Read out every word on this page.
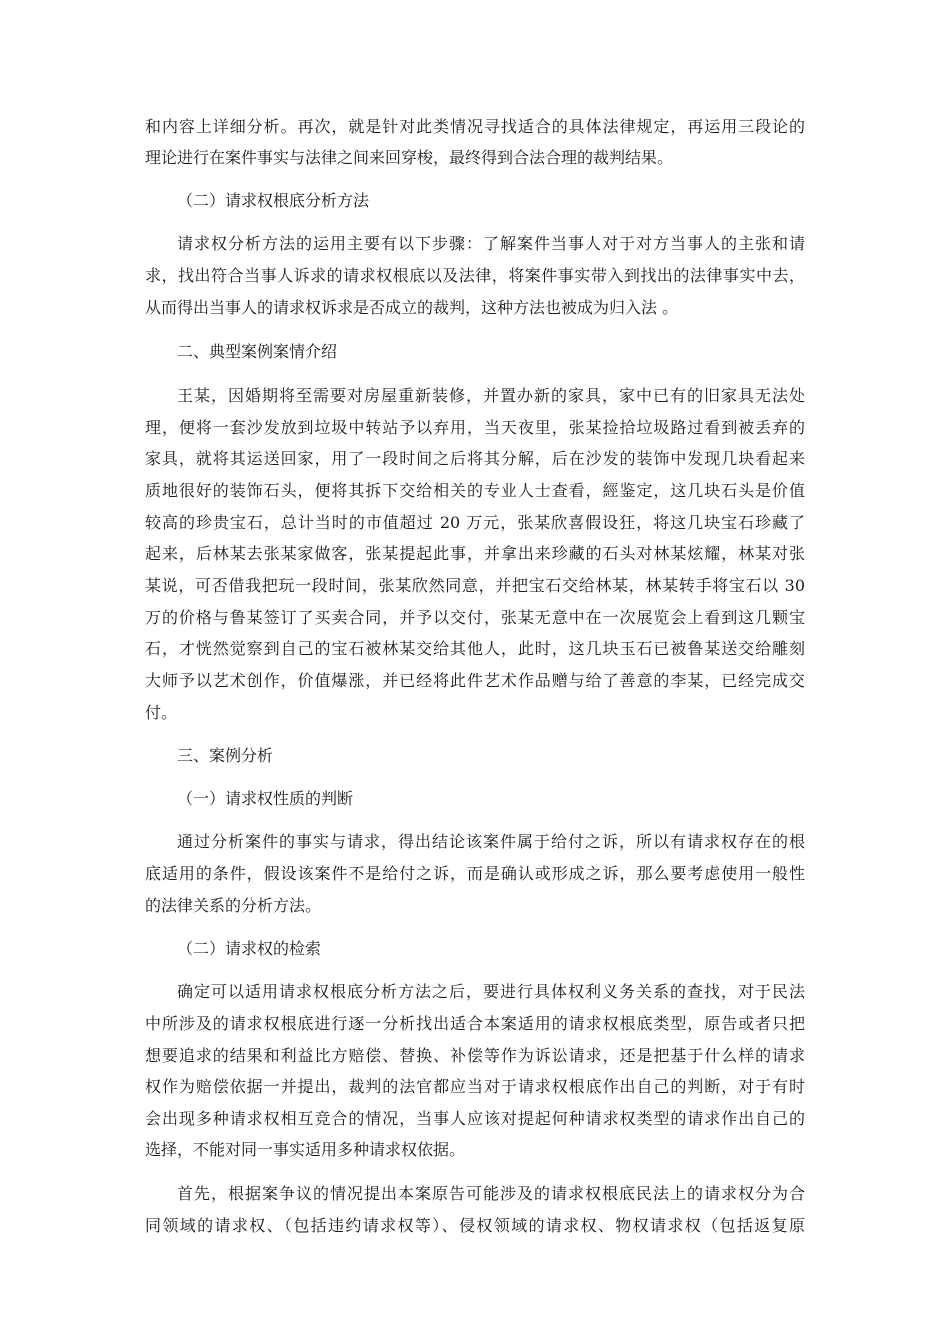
和内容上详细分析。再次，就是针对此类情况寻找适合的具体法律规定，再运用三段论的
理论进行在案件事实与法律之间来回穿梭，最终得到合法合理的裁判结果。
（二）请求权根底分析方法
请求权分析方法的运用主要有以下步骤：了解案件当事人对于对方当事人的主张和请
求，找出符合当事人诉求的请求权根底以及法律，将案件事实带入到找出的法律事实中去，
从而得出当事人的请求权诉求是否成立的裁判，这种方法也被成为归入法 。
二、典型案例案情介绍
王某，因婚期将至需要对房屋重新装修，并置办新的家具，家中已有的旧家具无法处
理，便将一套沙发放到垃圾中转站予以弃用，当天夜里，张某捡拾垃圾路过看到被丢弃的
家具，就将其运送回家，用了一段时间之后将其分解，后在沙发的装饰中发现几块看起来
质地很好的装饰石头，便将其拆下交给相关的专业人士查看，經鉴定，这几块石头是价值
较高的珍贵宝石，总计当时的市值超过 20 万元，张某欣喜假设狂，将这几块宝石珍藏了
起来，后林某去张某家做客，张某提起此事，并拿出来珍藏的石头对林某炫耀，林某对张
某说，可否借我把玩一段时间，张某欣然同意，并把宝石交给林某，林某转手将宝石以 30
万的价格与鲁某签订了买卖合同，并予以交付，张某无意中在一次展览会上看到这几颗宝
石，才恍然觉察到自己的宝石被林某交给其他人，此时，这几块玉石已被鲁某送交给雕刻
大师予以艺术创作，价值爆涨，并已经将此件艺术作品赠与给了善意的李某，已经完成交
付。
三、案例分析
（一）请求权性质的判断
通过分析案件的事实与请求，得出结论该案件属于给付之诉，所以有请求权存在的根
底适用的条件，假设该案件不是给付之诉，而是确认或形成之诉，那么要考虑使用一般性
的法律关系的分析方法。
（二）请求权的检索
确定可以适用请求权根底分析方法之后，要进行具体权利义务关系的查找，对于民法
中所涉及的请求权根底进行逐一分析找出适合本案适用的请求权根底类型，原告或者只把
想要追求的结果和利益比方赔偿、替换、补偿等作为诉讼请求，还是把基于什么样的请求
权作为赔偿依据一并提出，裁判的法官都应当对于请求权根底作出自己的判断，对于有时
会出现多种请求权相互竞合的情况，当事人应该对提起何种请求权类型的请求作出自己的
选择，不能对同一事实适用多种请求权依据。
首先，根据案争议的情况提出本案原告可能涉及的请求权根底民法上的请求权分为合
同领域的请求权、（包括违约请求权等）、侵权领域的请求权、物权请求权（包括返复原
